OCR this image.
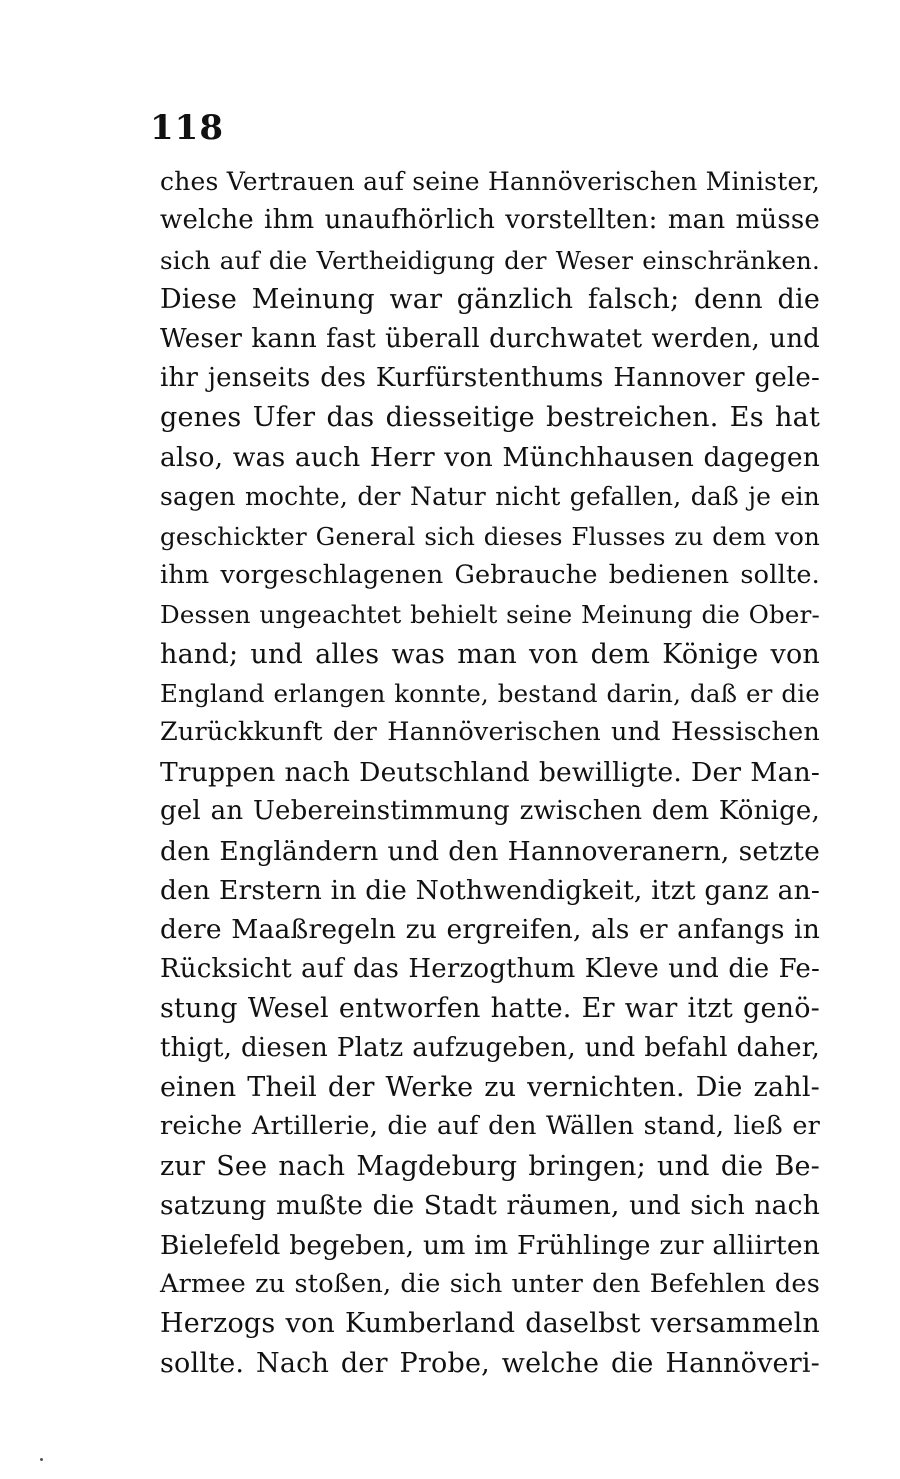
118
ches Vertrauen auf seine Hannöverischen Minister,
welche ihm unaufhörlich vorstellten: man müsse
sich auf die Vertheidigung der Weser einschränken.
Diese Meinung war gänzlich falsch; denn die
Weser kann fast überall durchwatet werden, und
ihr jenseits des Kurfürstenthums Hannover gele-
genes Ufer das diesseitige bestreichen. Es hat
also, was auch Herr von Münchhausen dagegen
sagen mochte, der Natur nicht gefallen, daß je ein
geschickter General sich dieses Flusses zu dem von
ihm vorgeschlagenen Gebrauche bedienen sollte.
Dessen ungeachtet behielt seine Meinung die Ober-
hand; und alles was man von dem Könige von
England erlangen konnte, bestand darin, daß er die
Zurückkunft der Hannöverischen und Hessischen
Truppen nach Deutschland bewilligte. Der Man-
gel an Uebereinstimmung zwischen dem Könige,
den Engländern und den Hannoveranern, setzte
den Erstern in die Nothwendigkeit, itzt ganz an-
dere Maaßregeln zu ergreifen, als er anfangs in
Rücksicht auf das Herzogthum Kleve und die Fe-
stung Wesel entworfen hatte. Er war itzt genö-
thigt, diesen Platz aufzugeben, und befahl daher,
einen Theil der Werke zu vernichten. Die zahl-
reiche Artillerie, die auf den Wällen stand, ließ er
zur See nach Magdeburg bringen; und die Be-
satzung mußte die Stadt räumen, und sich nach
Bielefeld begeben, um im Frühlinge zur alliirten
Armee zu stoßen, die sich unter den Befehlen des
Herzogs von Kumberland daselbst versammeln
sollte. Nach der Probe, welche die Hannöveri-
